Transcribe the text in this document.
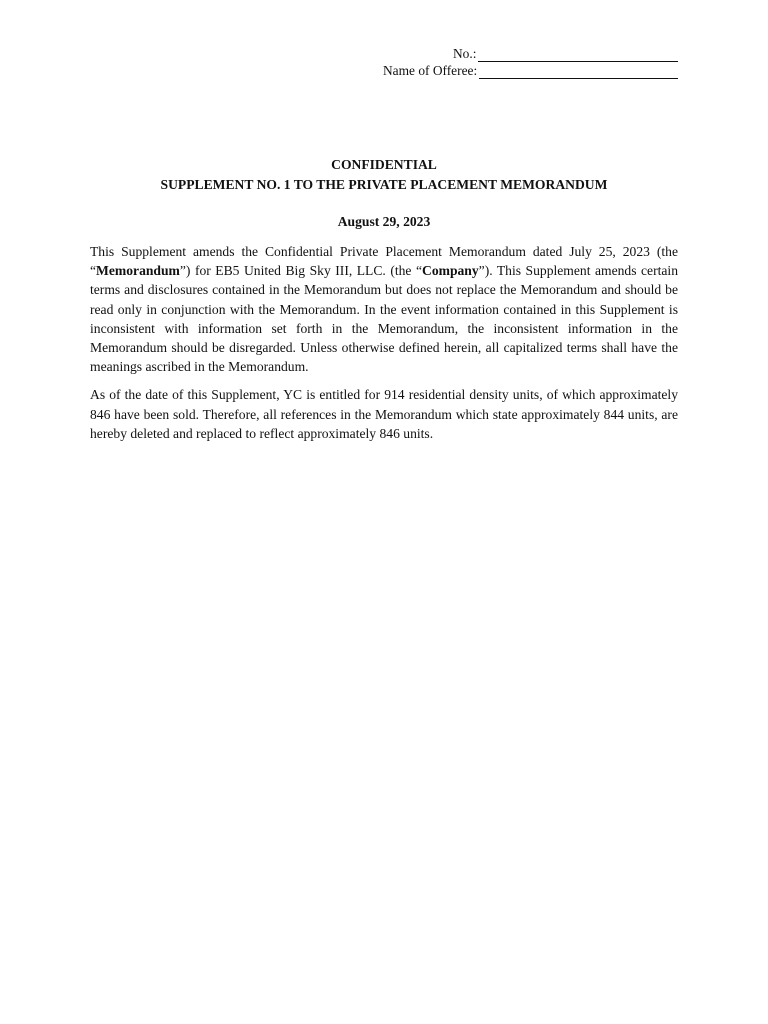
No.:
Name of Offeree:
CONFIDENTIAL
SUPPLEMENT NO. 1 TO THE PRIVATE PLACEMENT MEMORANDUM
August 29, 2023

This Supplement amends the Confidential Private Placement Memorandum dated July 25, 2023 (the “Memorandum”) for EB5 United Big Sky III, LLC. (the “Company”). This Supplement amends certain terms and disclosures contained in the Memorandum but does not replace the Memorandum and should be read only in conjunction with the Memorandum. In the event information contained in this Supplement is inconsistent with information set forth in the Memorandum, the inconsistent information in the Memorandum should be disregarded. Unless otherwise defined herein, all capitalized terms shall have the meanings ascribed in the Memorandum.

As of the date of this Supplement, YC is entitled for 914 residential density units, of which approximately 846 have been sold. Therefore, all references in the Memorandum which state approximately 844 units, are hereby deleted and replaced to reflect approximately 846 units.
